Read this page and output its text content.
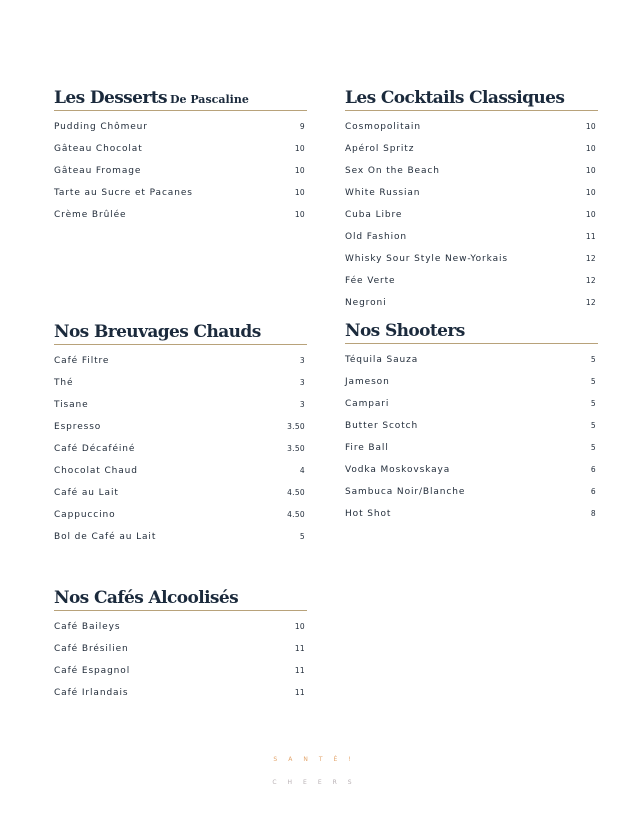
Les Desserts De Pascaline
Pudding Chômeur	9
Gâteau Chocolat	10
Gâteau Fromage	10
Tarte au Sucre et Pacanes	10
Crème Brûlée	10
Les Cocktails Classiques
Cosmopolitain	10
Apérol Spritz	10
Sex On the Beach	10
White Russian	10
Cuba Libre	10
Old Fashion	11
Whisky Sour Style New-Yorkais	12
Fée Verte	12
Negroni	12
Nos Breuvages Chauds
Café Filtre	3
Thé	3
Tisane	3
Espresso	3.50
Café Décaféiné	3.50
Chocolat Chaud	4
Café au Lait	4.50
Cappuccino	4.50
Bol de Café au Lait	5
Nos Shooters
Téquila Sauza	5
Jameson	5
Campari	5
Butter Scotch	5
Fire Ball	5
Vodka Moskovskaya	6
Sambuca Noir/Blanche	6
Hot Shot	8
Nos Cafés Alcoolisés
Café Baileys	10
Café Brésilien	11
Café Espagnol	11
Café Irlandais	11
SANTÉ!
CHEERS
